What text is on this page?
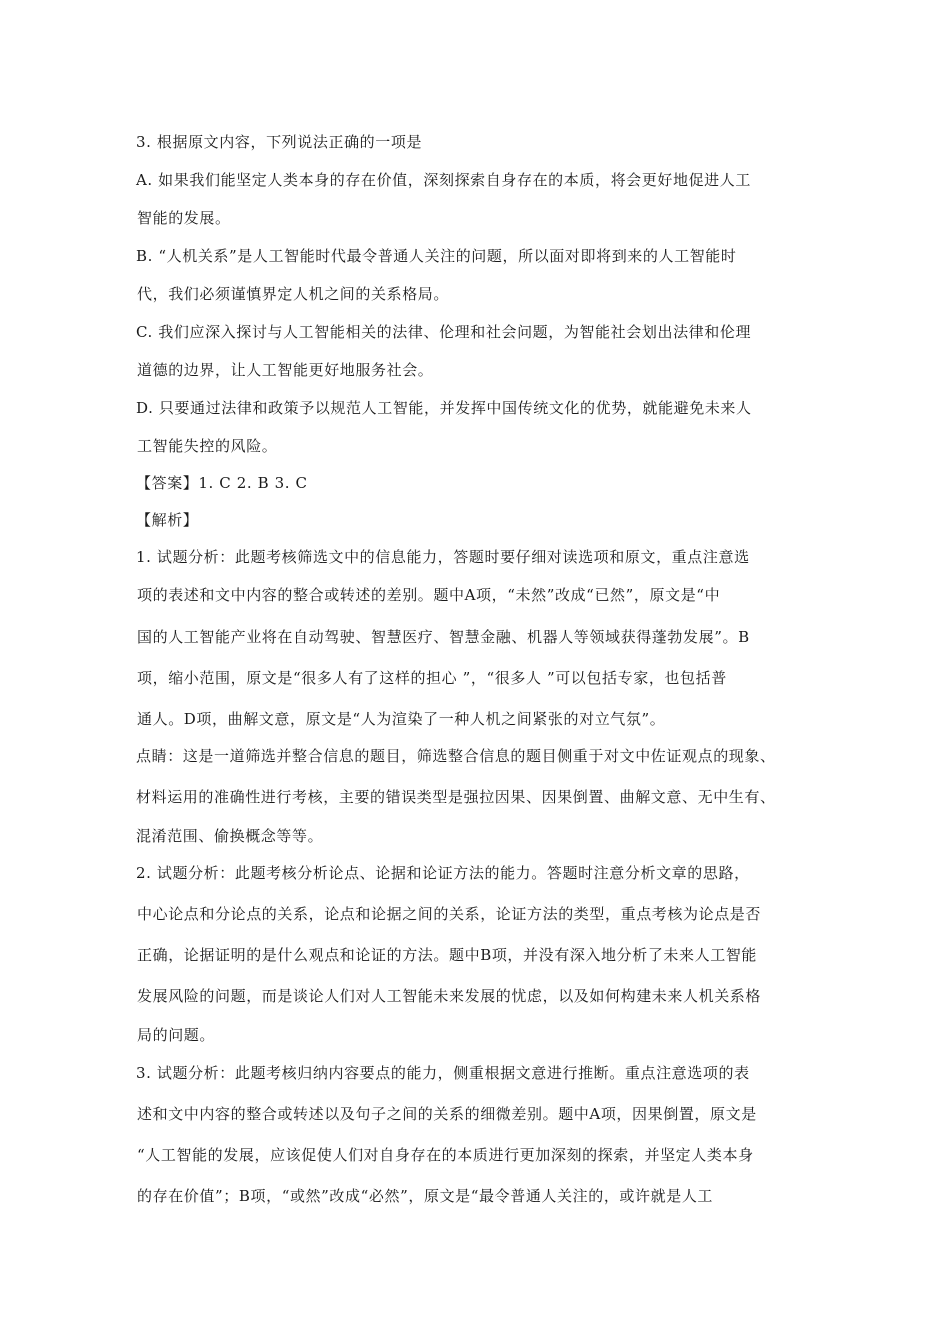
3. 根据原文内容，下列说法正确的一项是
A. 如果我们能坚定人类本身的存在价值，深刻探索自身存在的本质，将会更好地促进人工
智能的发展。
B. “人机关系”是人工智能时代最令普通人关注的问题，所以面对即将到来的人工智能时
代，我们必须谨慎界定人机之间的关系格局。
C. 我们应深入探讨与人工智能相关的法律、伦理和社会问题，为智能社会划出法律和伦理
道德的边界，让人工智能更好地服务社会。
D. 只要通过法律和政策予以规范人工智能，并发挥中国传统文化的优势，就能避免未来人
工智能失控的风险。
【答案】1. C 2. B 3. C
【解析】
1. 试题分析：此题考核筛选文中的信息能力，答题时要仔细对读选项和原文，重点注意选
项的表述和文中内容的整合或转述的差别。题中A项，“未然”改成“已然”，原文是“中
国的人工智能产业将在自动驾驶、智慧医疗、智慧金融、机器人等领域获得蓬勃发展”。B
项，缩小范围，原文是“很多人有了这样的担心 ”，“很多人 ”可以包括专家，也包括普
通人。D项，曲解文意，原文是“人为渲染了一种人机之间紧张的对立气氛”。
点睛：这是一道筛选并整合信息的题目，筛选整合信息的题目侧重于对文中佐证观点的现象、
材料运用的准确性进行考核，主要的错误类型是强拉因果、因果倒置、曲解文意、无中生有、
混淆范围、偷换概念等等。
2. 试题分析：此题考核分析论点、论据和论证方法的能力。答题时注意分析文章的思路，
中心论点和分论点的关系，论点和论据之间的关系，论证方法的类型，重点考核为论点是否
正确，论据证明的是什么观点和论证的方法。题中B项，并没有深入地分析了未来人工智能
发展风险的问题，而是谈论人们对人工智能未来发展的忧虑，以及如何构建未来人机关系格
局的问题。
3. 试题分析：此题考核归纳内容要点的能力，侧重根据文意进行推断。重点注意选项的表
述和文中内容的整合或转述以及句子之间的关系的细微差别。题中A项，因果倒置，原文是
“人工智能的发展，应该促使人们对自身存在的本质进行更加深刻的探索，并坚定人类本身
的存在价值”；B项，“或然”改成“必然”，原文是“最令普通人关注的，或许就是人工
